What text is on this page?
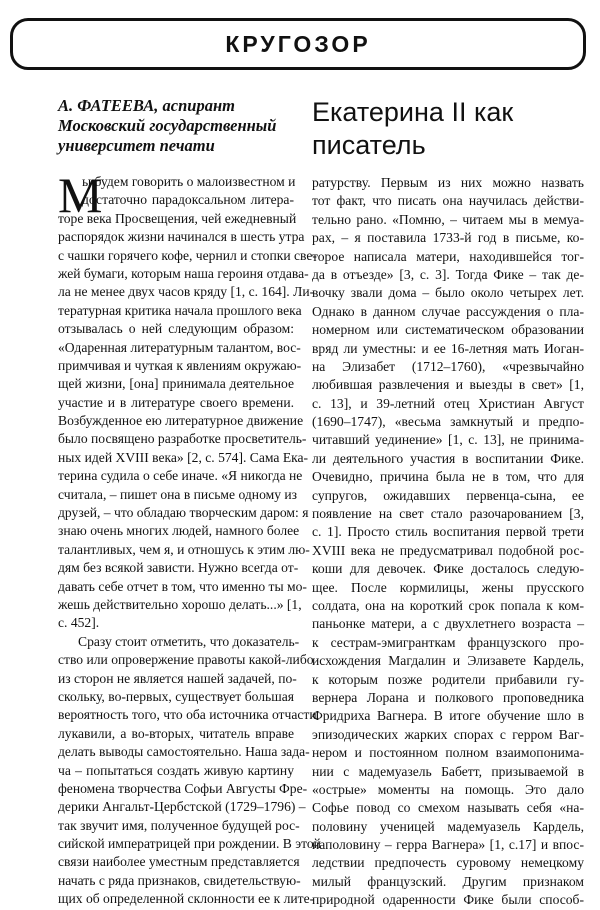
КРУГОЗОР
А. ФАТЕЕВА, аспирант
Московский государственный
университет печати
Екатерина II как
писатель
М
ы будем говорить о малоизвестном и
достаточно парадоксальном литера-
торе века Просвещения, чей ежедневный
распорядок жизни начинался в шесть утра
с чашки горячего кофе, чернил и стопки све-
жей бумаги, которым наша героиня отдава-
ла не менее двух часов кряду [1, с. 164]. Ли-
тературная критика начала прошлого века
отзывалась о ней следующим образом:
«Одаренная литературным талантом, вос-
примчивая и чуткая к явлениям окружаю-
щей жизни, [она] принимала деятельное
участие и в литературе своего времени.
Возбужденное ею литературное движение
было посвящено разработке просветитель-
ных идей XVIII века» [2, с. 574]. Сама Ека-
терина судила о себе иначе. «Я никогда не
считала, – пишет она в письме одному из
друзей, – что обладаю творческим даром: я
знаю очень многих людей, намного более
талантливых, чем я, и отношусь к этим лю-
дям без всякой зависти. Нужно всегда от-
давать себе отчет в том, что именно ты мо-
жешь действительно хорошо делать...» [1,
с. 452].
Сразу стоит отметить, что доказатель-
ство или опровержение правоты какой-либо
из сторон не является нашей задачей, по-
скольку, во-первых, существует большая
вероятность того, что оба источника отчасти
лукавили, а во-вторых, читатель вправе
делать выводы самостоятельно. Наша зада-
ча – попытаться создать живую картину
феномена творчества Софьи Августы Фре-
дерики Ангальт-Цербстской (1729–1796) –
так звучит имя, полученное будущей рос-
сийской императрицей при рождении. В этой
связи наиболее уместным представляется
начать с ряда признаков, свидетельствую-
щих об определенной склонности ее к лите-
ратурству. Первым из них можно назвать
тот факт, что писать она научилась действи-
тельно рано. «Помню, – читаем мы в мемуа-
рах, – я поставила 1733-й год в письме, ко-
торое написала матери, находившейся тог-
да в отъезде» [3, с. 3]. Тогда Фике – так де-
вочку звали дома – было около четырех лет.
Однако в данном случае рассуждения о пла-
номерном или систематическом образовании
вряд ли уместны: и ее 16-летняя мать Иоган-
на Элизабет (1712–1760), «чрезвычайно
любившая развлечения и выезды в свет» [1,
с. 13], и 39-летний отец Христиан Август
(1690–1747), «весьма замкнутый и предпо-
читавший уединение» [1, с. 13], не принима-
ли деятельного участия в воспитании Фике.
Очевидно, причина была не в том, что для
супругов, ожидавших первенца-сына, ее
появление на свет стало разочарованием [3,
с. 1]. Просто стиль воспитания первой трети
XVIII века не предусматривал подобной рос-
коши для девочек. Фике досталось следую-
щее. После кормилицы, жены прусского
солдата, она на короткий срок попала к ком-
паньонке матери, а с двухлетнего возраста –
к сестрам-эмигранткам французского про-
исхождения Магдалин и Элизавете Кардель,
к которым позже родители прибавили гу-
вернера Лорана и полкового проповедника
Фридриха Вагнера. В итоге обучение шло в
эпизодических жарких спорах с герром Ваг-
нером и постоянном полном взаимопонима-
нии с мадемуазель Бабетт, призываемой в
«острые» моменты на помощь. Это дало
Софье повод со смехом называть себя «на-
половину ученицей мадемуазель Кардель,
наполовину – герра Вагнера» [1, с.17] и впос-
ледствии предпочесть суровому немецкому
милый французский. Другим признаком
природной одаренности Фике были способ-
